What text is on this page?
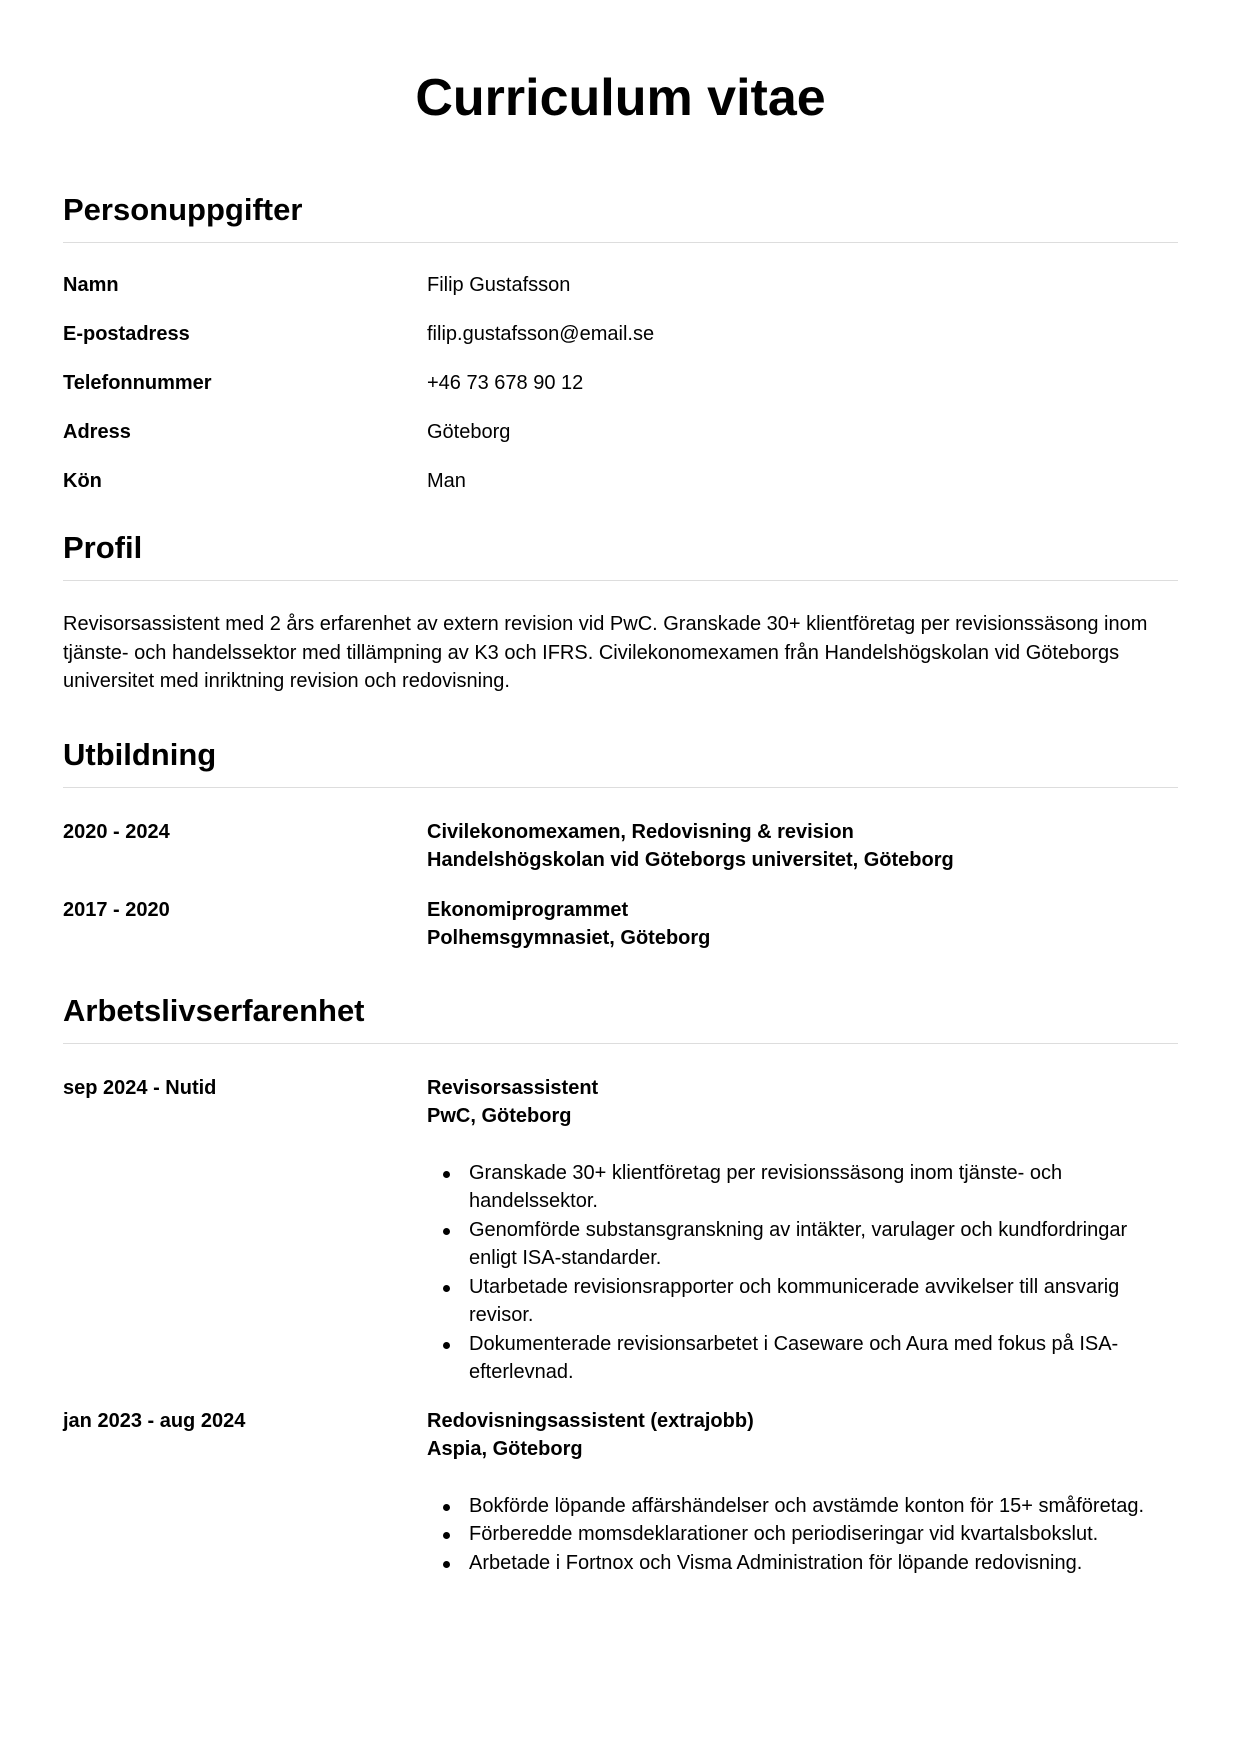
Curriculum vitae
Personuppgifter
Namn	Filip Gustafsson
E-postadress	filip.gustafsson@email.se
Telefonnummer	+46 73 678 90 12
Adress	Göteborg
Kön	Man
Profil

Revisorsassistent med 2 års erfarenhet av extern revision vid PwC. Granskade 30+ klientföretag per revisionssäsong inom tjänste- och handelssektor med tillämpning av K3 och IFRS. Civilekonomexamen från Handelshögskolan vid Göteborgs universitet med inriktning revision och redovisning.

Utbildning
2020 - 2024	Civilekonomexamen, Redovisning & revision
Handelshögskolan vid Göteborgs universitet, Göteborg
2017 - 2020	Ekonomiprogrammet
Polhemsgymnasiet, Göteborg
Arbetslivserfarenhet
sep 2024 - Nutid	Revisorsassistent
PwC, Göteborg
Granskade 30+ klientföretag per revisionssäsong inom tjänste- och handelssektor.
Genomförde substansgranskning av intäkter, varulager och kundfordringar enligt ISA-standarder.
Utarbetade revisionsrapporter och kommunicerade avvikelser till ansvarig revisor.
Dokumenterade revisionsarbetet i Caseware och Aura med fokus på ISA-efterlevnad.
jan 2023 - aug 2024	Redovisningsassistent (extrajobb)
Aspia, Göteborg
Bokförde löpande affärshändelser och avstämde konton för 15+ småföretag.
Förberedde momsdeklarationer och periodiseringar vid kvartalsbokslut.
Arbetade i Fortnox och Visma Administration för löpande redovisning.
